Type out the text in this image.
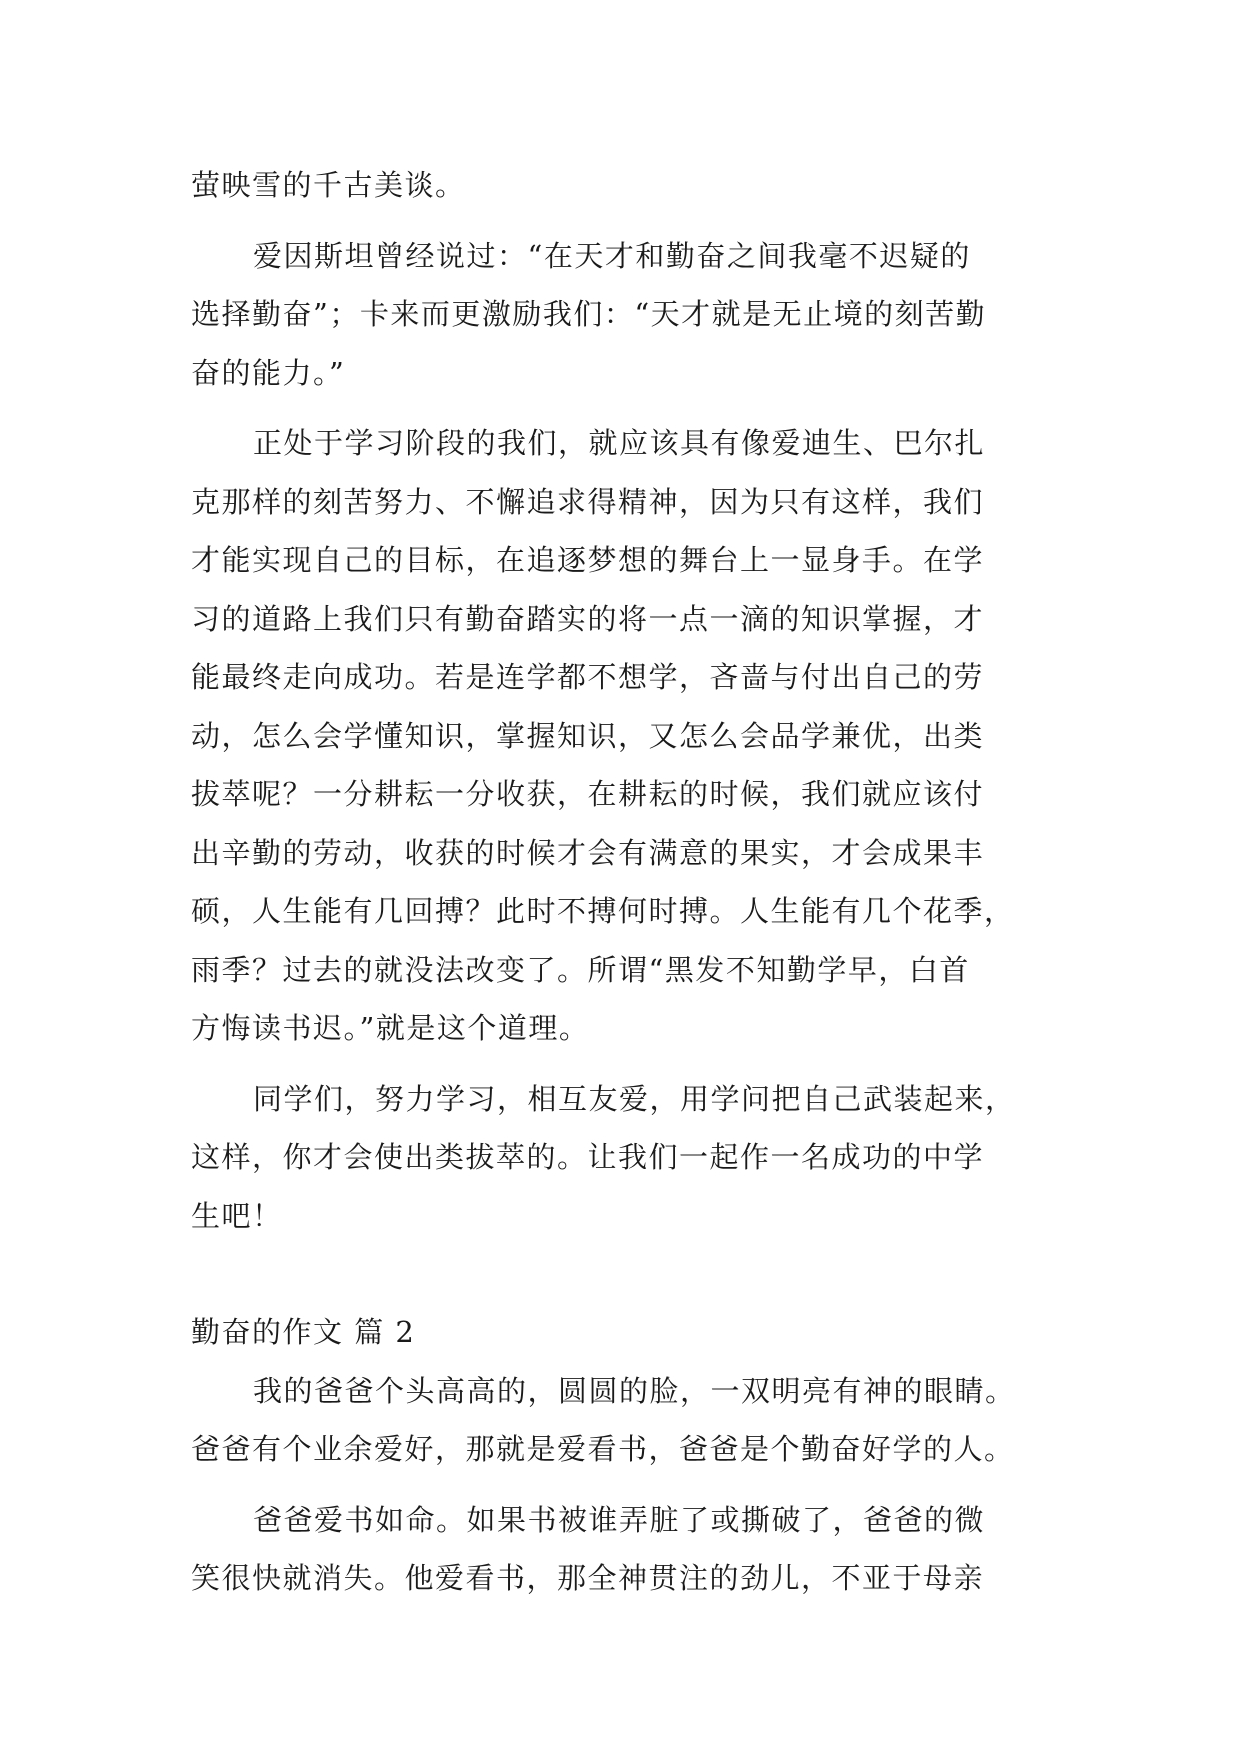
萤映雪的千古美谈。
爱因斯坦曾经说过：“在天才和勤奋之间我毫不迟疑的
选择勤奋”；卡来而更激励我们：“天才就是无止境的刻苦勤
奋的能力。”
正处于学习阶段的我们，就应该具有像爱迪生、巴尔扎
克那样的刻苦努力、不懈追求得精神，因为只有这样，我们
才能实现自己的目标，在追逐梦想的舞台上一显身手。在学
习的道路上我们只有勤奋踏实的将一点一滴的知识掌握，才
能最终走向成功。若是连学都不想学，吝啬与付出自己的劳
动，怎么会学懂知识，掌握知识，又怎么会品学兼优，出类
拔萃呢？一分耕耘一分收获，在耕耘的时候，我们就应该付
出辛勤的劳动，收获的时候才会有满意的果实，才会成果丰
硕，人生能有几回搏？此时不搏何时搏。人生能有几个花季，
雨季？过去的就没法改变了。所谓“黑发不知勤学早，白首
方悔读书迟。”就是这个道理。
同学们，努力学习，相互友爱，用学问把自己武装起来，
这样，你才会使出类拔萃的。让我们一起作一名成功的中学
生吧！
勤奋的作文 篇 2
我的爸爸个头高高的，圆圆的脸，一双明亮有神的眼睛。
爸爸有个业余爱好，那就是爱看书，爸爸是个勤奋好学的人。
爸爸爱书如命。如果书被谁弄脏了或撕破了，爸爸的微
笑很快就消失。他爱看书，那全神贯注的劲儿，不亚于母亲
